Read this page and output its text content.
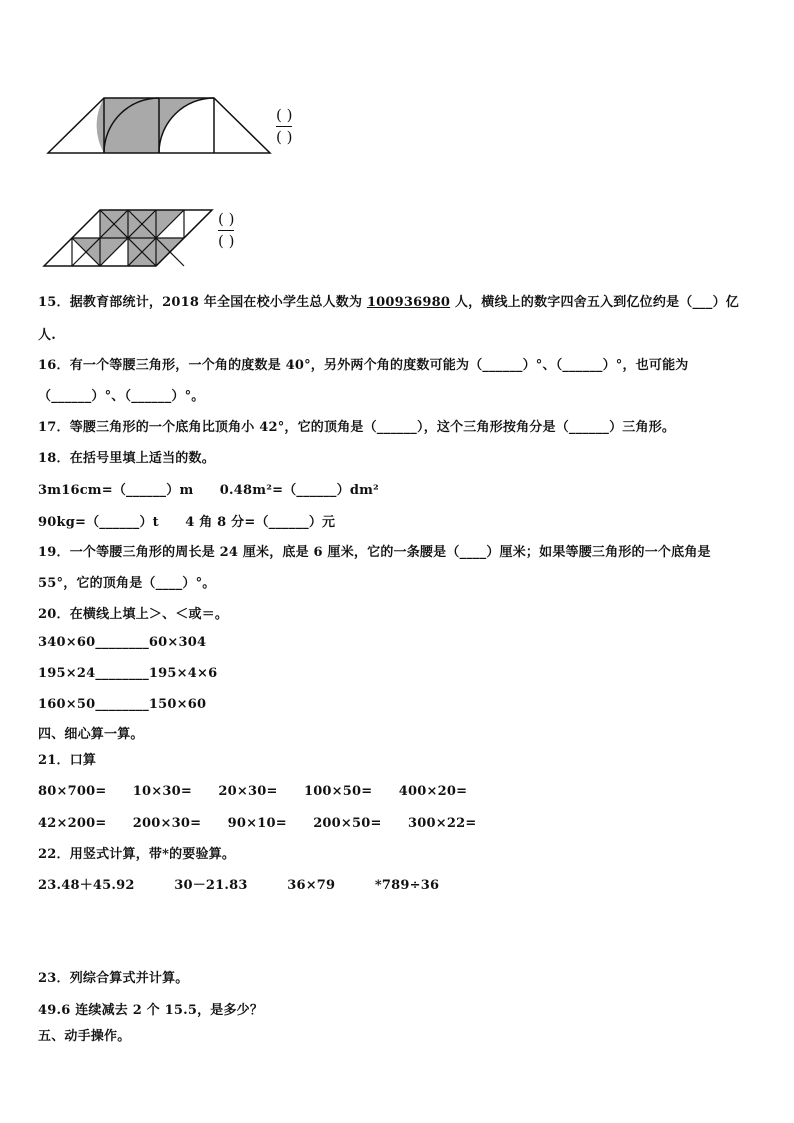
( )
( )
( )
( )
15．据教育部统计，2018 年全国在校小学生总人数为 100936980 人，横线上的数字四舍五入到亿位约是（___）亿
人.
16．有一个等腰三角形，一个角的度数是 40°，另外两个角的度数可能为（______）°、（______）°，也可能为
（______）°、（______）°。
17．等腰三角形的一个底角比顶角小 42°，它的顶角是（______），这个三角形按角分是（______）三角形。
18．在括号里填上适当的数。
3m16cm=（______）m　　0.48m²=（______）dm²
90kg=（______）t　　4 角 8 分=（______）元
19．一个等腰三角形的周长是 24 厘米，底是 6 厘米，它的一条腰是（____）厘米；如果等腰三角形的一个底角是
55°，它的顶角是（____）°。
20．在横线上填上＞、＜或＝。
340×60________60×304
195×24________195×4×6
160×50________150×60
四、细心算一算。
21．口算
80×700=　　10×30=　　20×30=　　100×50=　　400×20=
42×200=　　200×30=　　90×10=　　200×50=　　300×22=
22．用竖式计算，带*的要验算。
23.48＋45.92　　　30－21.83　　　36×79　　　*789÷36
23．列综合算式并计算。
49.6 连续减去 2 个 15.5，是多少？
五、动手操作。
